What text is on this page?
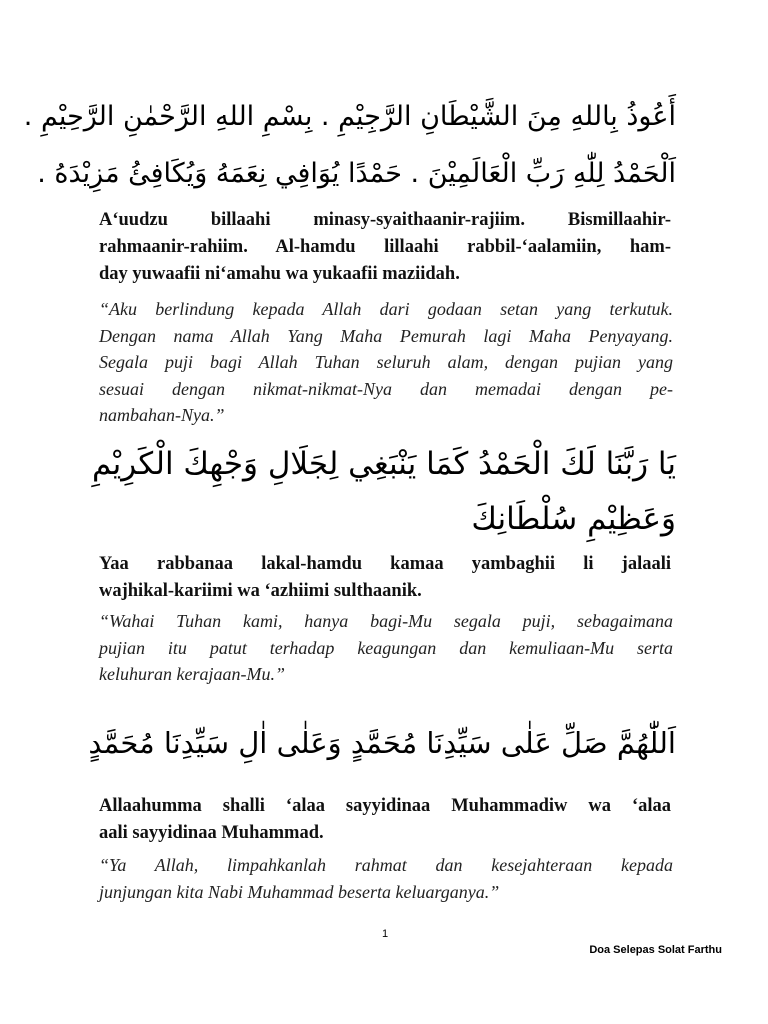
أَعُوذُ بِاللهِ مِنَ الشَّيْطَانِ الرَّجِيْمِ . بِسْمِ اللهِ الرَّحْمٰنِ الرَّحِيْمِ .
اَلْحَمْدُ لِلّٰهِ رَبِّ الْعَالَمِيْنَ . حَمْدًا يُوَافِي نِعَمَهُ وَيُكَافِئُ مَزِيْدَهُ .
A‘uudzu billaahi minasy-syaithaanir-rajiim. Bismillaahir-
rahmaanir-rahiim. Al-hamdu lillaahi rabbil-‘aalamiin, ham-
day yuwaafii ni‘amahu wa yukaafii maziidah.
“Aku berlindung kepada Allah dari godaan setan yang terkutuk.
Dengan nama Allah Yang Maha Pemurah lagi Maha Penyayang.
Segala puji bagi Allah Tuhan seluruh alam, dengan pujian yang
sesuai dengan nikmat-nikmat-Nya dan memadai dengan pe-
nambahan-Nya.”
يَا رَبَّنَا لَكَ الْحَمْدُ كَمَا يَنْبَغِي لِجَلَالِ وَجْهِكَ الْكَرِيْمِ
وَعَظِيْمِ سُلْطَانِكَ
Yaa rabbanaa lakal-hamdu kamaa yambaghii li jalaali
wajhikal-kariimi wa ‘azhiimi sulthaanik.
“Wahai Tuhan kami, hanya bagi-Mu segala puji, sebagaimana
pujian itu patut terhadap keagungan dan kemuliaan-Mu serta
keluhuran kerajaan-Mu.”
اَللّٰهُمَّ صَلِّ عَلٰى سَيِّدِنَا مُحَمَّدٍ وَعَلٰى اٰلِ سَيِّدِنَا مُحَمَّدٍ
Allaahumma shalli ‘alaa sayyidinaa Muhammadiw wa ‘alaa
aali sayyidinaa Muhammad.
“Ya Allah, limpahkanlah rahmat dan kesejahteraan kepada
junjungan kita Nabi Muhammad beserta keluarganya.”
1
Doa Selepas Solat Farthu
